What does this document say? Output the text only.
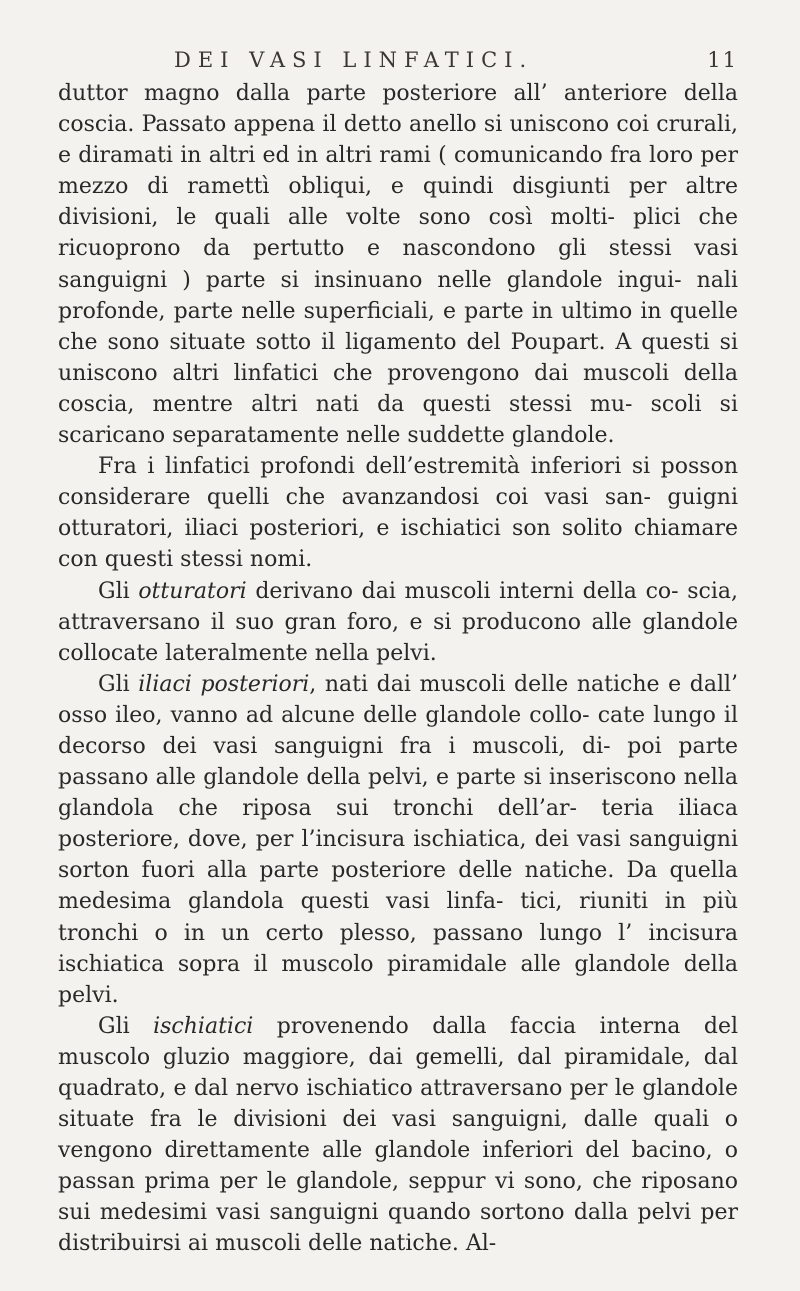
DEI VASI LINFATICI.	11

duttor magno dalla parte posteriore all’ anteriore della coscia. Passato appena il detto anello si uniscono coi crurali, e diramati in altri ed in altri rami ( comunicando fra loro per mezzo di ramettì obliqui, e quindi disgiunti per altre divisioni, le quali alle volte sono così molti- plici che ricuoprono da pertutto e nascondono gli stessi vasi sanguigni ) parte si insinuano nelle glandole ingui- nali profonde, parte nelle superficiali, e parte in ultimo in quelle che sono situate sotto il ligamento del Poupart. A questi si uniscono altri linfatici che provengono dai muscoli della coscia, mentre altri nati da questi stessi mu- scoli si scaricano separatamente nelle suddette glandole.

Fra i linfatici profondi dell’estremità inferiori si posson considerare quelli che avanzandosi coi vasi san- guigni otturatori, iliaci posteriori, e ischiatici son solito chiamare con questi stessi nomi.

Gli otturatori derivano dai muscoli interni della co- scia, attraversano il suo gran foro, e si producono alle glandole collocate lateralmente nella pelvi.

Gli iliaci posteriori, nati dai muscoli delle natiche e dall’ osso ileo, vanno ad alcune delle glandole collo- cate lungo il decorso dei vasi sanguigni fra i muscoli, di- poi parte passano alle glandole della pelvi, e parte si inseriscono nella glandola che riposa sui tronchi dell’ar- teria iliaca posteriore, dove, per l’incisura ischiatica, dei vasi sanguigni sorton fuori alla parte posteriore delle natiche. Da quella medesima glandola questi vasi linfa- tici, riuniti in più tronchi o in un certo plesso, passano lungo l’ incisura ischiatica sopra il muscolo piramidale alle glandole della pelvi.

Gli ischiatici provenendo dalla faccia interna del muscolo gluzio maggiore, dai gemelli, dal piramidale, dal quadrato, e dal nervo ischiatico attraversano per le glandole situate fra le divisioni dei vasi sanguigni, dalle quali o vengono direttamente alle glandole inferiori del bacino, o passan prima per le glandole, seppur vi sono, che riposano sui medesimi vasi sanguigni quando sortono dalla pelvi per distribuirsi ai muscoli delle natiche. Al-
